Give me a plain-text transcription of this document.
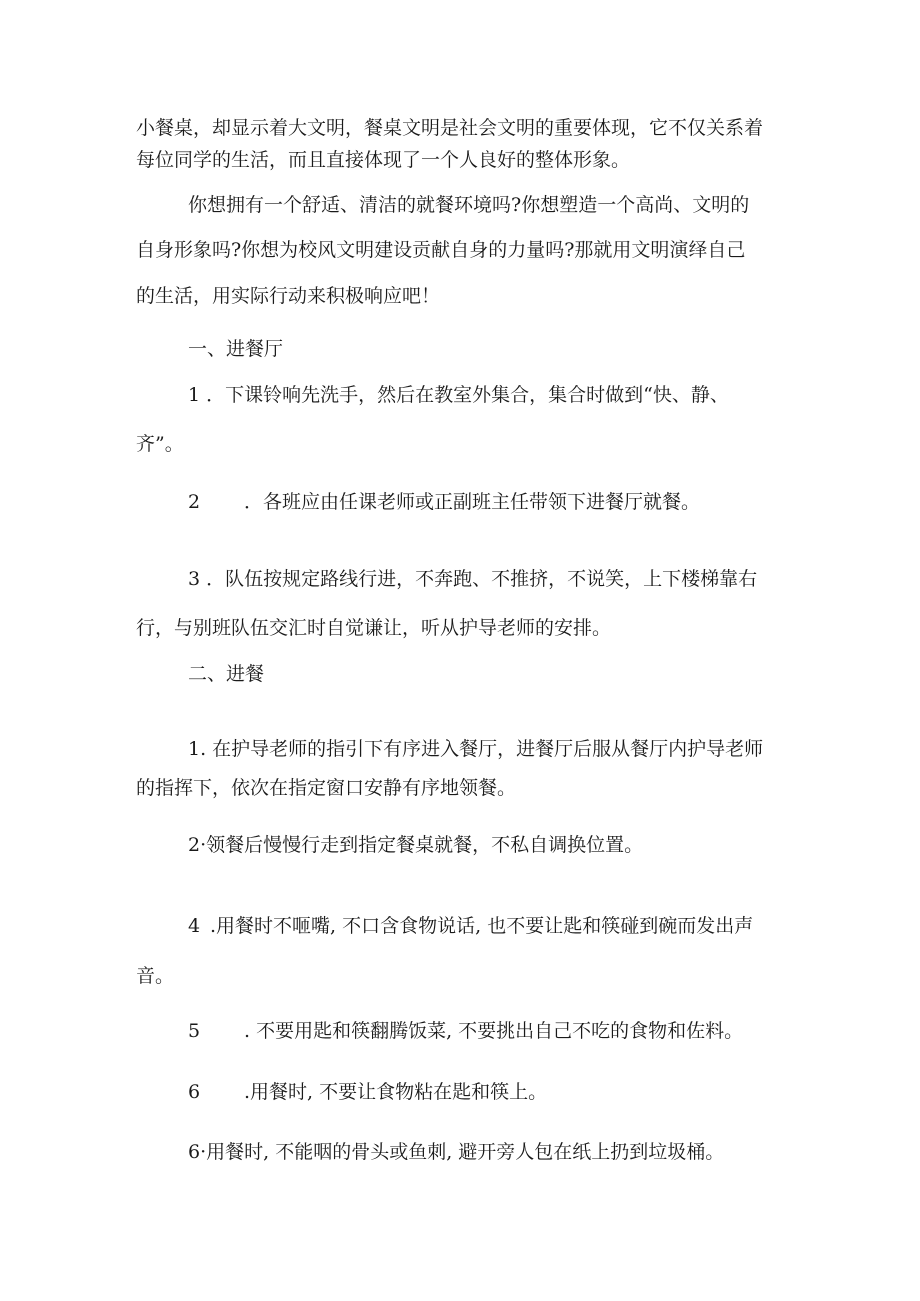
小餐桌，却显示着大文明，餐桌文明是社会文明的重要体现，它不仅关系着
每位同学的生活，而且直接体现了一个人良好的整体形象。
你想拥有一个舒适、清洁的就餐环境吗?你想塑造一个高尚、文明的
自身形象吗?你想为校风文明建设贡献自身的力量吗?那就用文明演绎自己
的生活，用实际行动来积极响应吧！
一、进餐厅
1 ．下课铃响先洗手，然后在教室外集合，集合时做到“快、静、
齐”。
2 ．各班应由任课老师或正副班主任带领下进餐厅就餐。
3 ．队伍按规定路线行进，不奔跑、不推挤，不说笑，上下楼梯靠右
行，与别班队伍交汇时自觉谦让，听从护导老师的安排。
二、进餐
1. 在护导老师的指引下有序进入餐厅，进餐厅后服从餐厅内护导老师
的指挥下，依次在指定窗口安静有序地领餐。
2·领餐后慢慢行走到指定餐桌就餐，不私自调换位置。
4 .用餐时不咂嘴, 不口含食物说话, 也不要让匙和筷碰到碗而发出声
音。
5 . 不要用匙和筷翻腾饭菜, 不要挑出自己不吃的食物和佐料。
6 .用餐时, 不要让食物粘在匙和筷上。
6·用餐时, 不能咽的骨头或鱼刺, 避开旁人包在纸上扔到垃圾桶。
